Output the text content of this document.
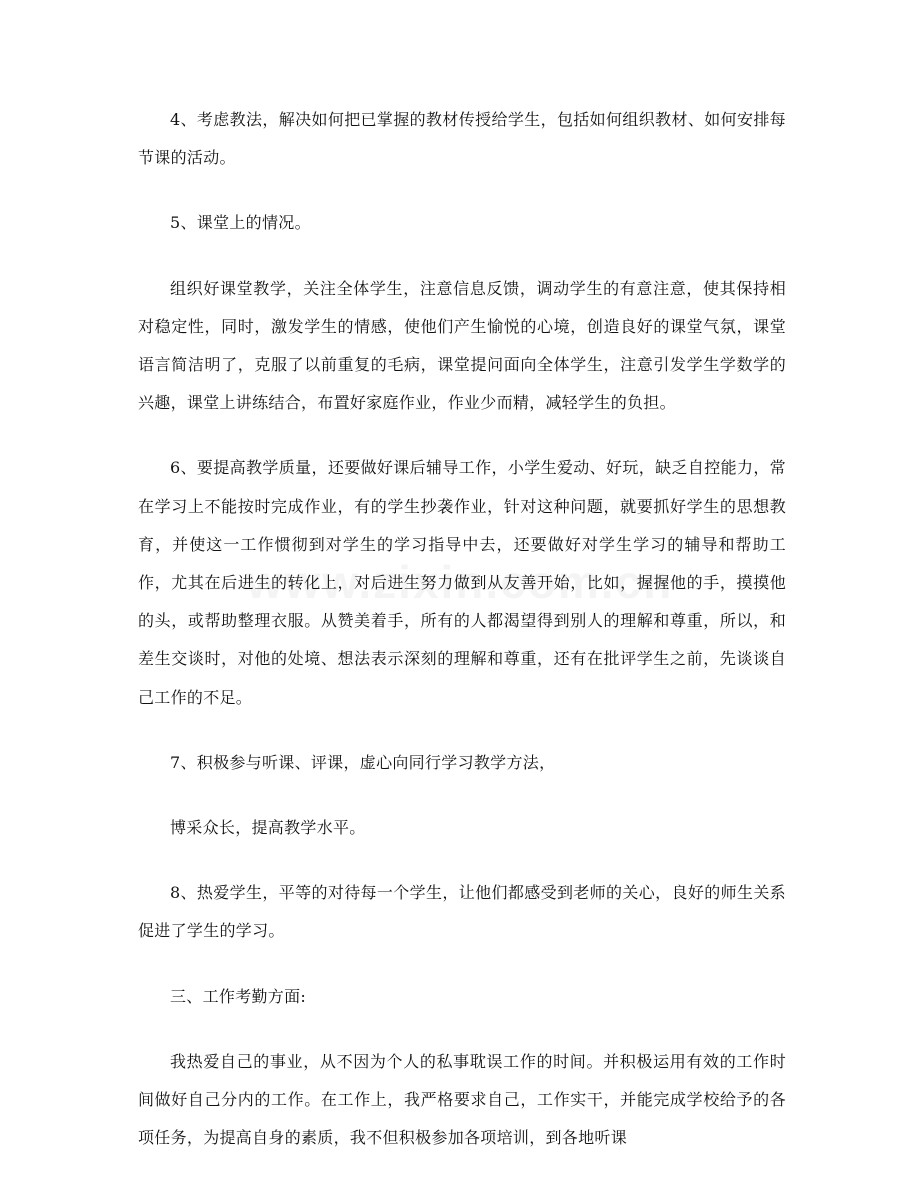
4、考虑教法，解决如何把已掌握的教材传授给学生，包括如何组织教材、如何安排每节课的活动。

5、课堂上的情况。

组织好课堂教学，关注全体学生，注意信息反馈，调动学生的有意注意，使其保持相对稳定性，同时，激发学生的情感，使他们产生愉悦的心境，创造良好的课堂气氛，课堂语言简洁明了，克服了以前重复的毛病，课堂提问面向全体学生，注意引发学生学数学的兴趣，课堂上讲练结合，布置好家庭作业，作业少而精，减轻学生的负担。

6、要提高教学质量，还要做好课后辅导工作，小学生爱动、好玩，缺乏自控能力，常在学习上不能按时完成作业，有的学生抄袭作业，针对这种问题，就要抓好学生的思想教育，并使这一工作惯彻到对学生的学习指导中去，还要做好对学生学习的辅导和帮助工作，尤其在后进生的转化上，对后进生努力做到从友善开始，比如，握握他的手，摸摸他的头，或帮助整理衣服。从赞美着手，所有的人都渴望得到别人的理解和尊重，所以，和差生交谈时，对他的处境、想法表示深刻的理解和尊重，还有在批评学生之前，先谈谈自己工作的不足。

7、积极参与听课、评课，虚心向同行学习教学方法，

博采众长，提高教学水平。

8、热爱学生，平等的对待每一个学生，让他们都感受到老师的关心，良好的师生关系促进了学生的学习。

三、工作考勤方面:

我热爱自己的事业，从不因为个人的私事耽误工作的时间。并积极运用有效的工作时间做好自己分内的工作。在工作上，我严格要求自己，工作实干，并能完成学校给予的各项任务，为提高自身的素质，我不但积极参加各项培训，到各地听课
